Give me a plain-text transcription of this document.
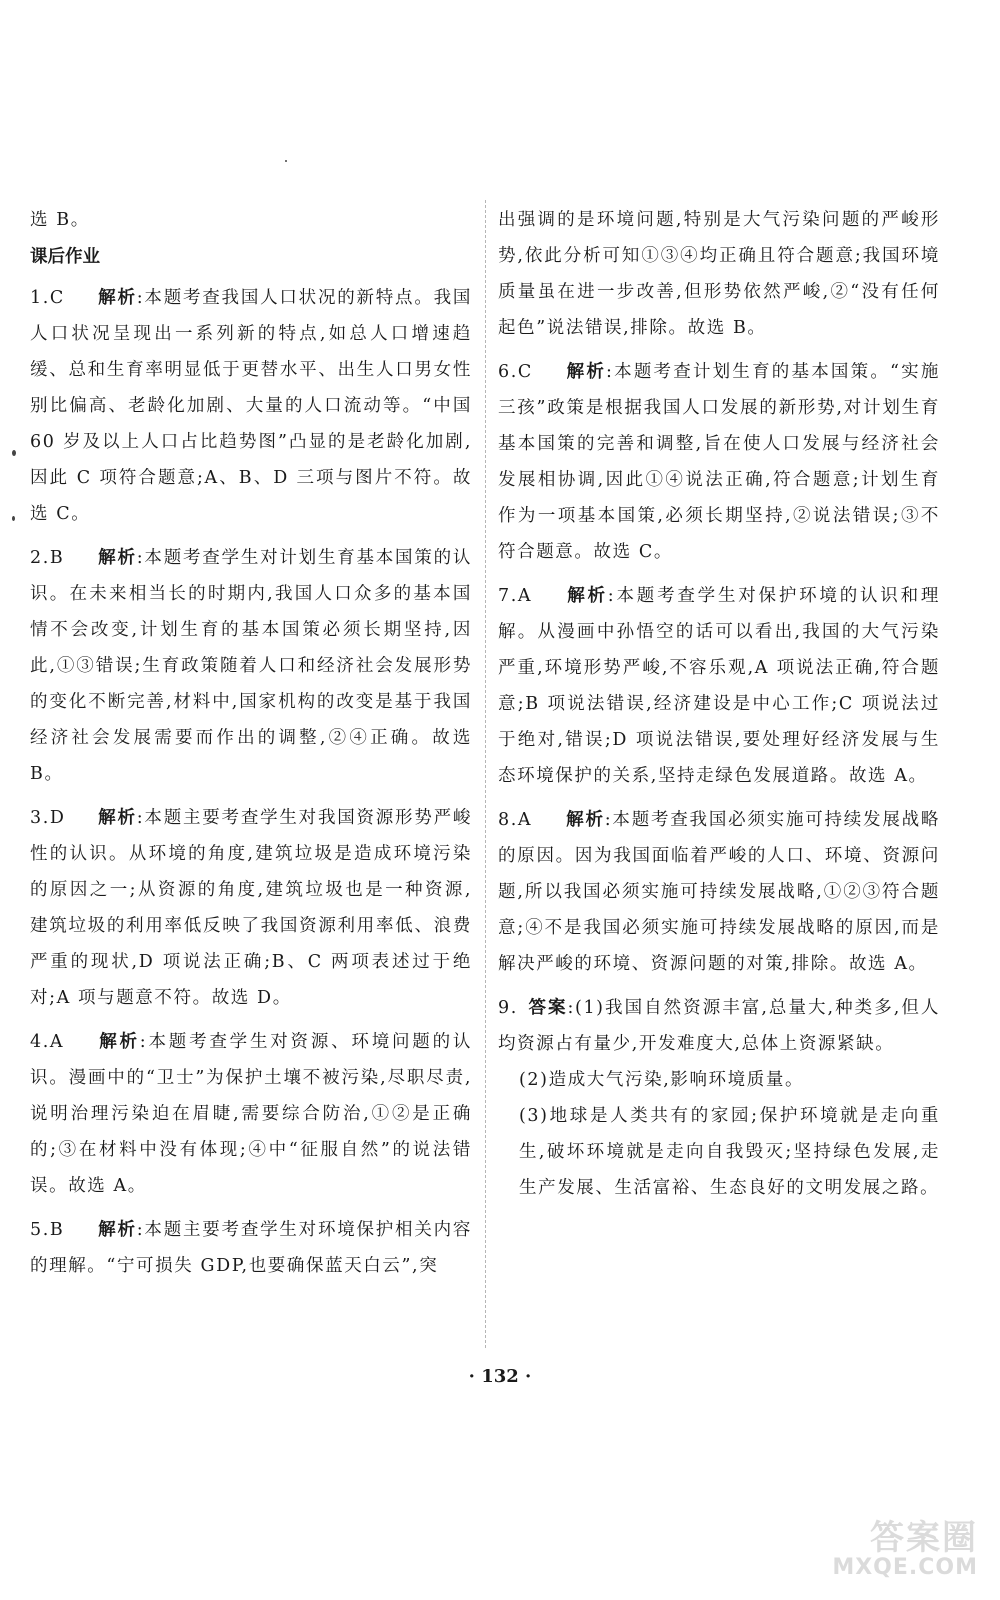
选 B。

课后作业

1.C 解析:本题考查我国人口状况的新特点。我国人口状况呈现出一系列新的特点,如总人口增速趋缓、总和生育率明显低于更替水平、出生人口男女性别比偏高、老龄化加剧、大量的人口流动等。“中国 60 岁及以上人口占比趋势图”凸显的是老龄化加剧,因此 C 项符合题意;A、B、D 三项与图片不符。故选 C。

2.B 解析:本题考查学生对计划生育基本国策的认识。在未来相当长的时期内,我国人口众多的基本国情不会改变,计划生育的基本国策必须长期坚持,因此,①③错误;生育政策随着人口和经济社会发展形势的变化不断完善,材料中,国家机构的改变是基于我国经济社会发展需要而作出的调整,②④正确。故选 B。

3.D 解析:本题主要考查学生对我国资源形势严峻性的认识。从环境的角度,建筑垃圾是造成环境污染的原因之一;从资源的角度,建筑垃圾也是一种资源,建筑垃圾的利用率低反映了我国资源利用率低、浪费严重的现状,D 项说法正确;B、C 两项表述过于绝对;A 项与题意不符。故选 D。

4.A 解析:本题考查学生对资源、环境问题的认识。漫画中的“卫士”为保护土壤不被污染,尽职尽责,说明治理污染迫在眉睫,需要综合防治,①②是正确的;③在材料中没有体现;④中“征服自然”的说法错误。故选 A。

5.B 解析:本题主要考查学生对环境保护相关内容的理解。“宁可损失 GDP,也要确保蓝天白云”,突

出强调的是环境问题,特别是大气污染问题的严峻形势,依此分析可知①③④均正确且符合题意;我国环境质量虽在进一步改善,但形势依然严峻,②“没有任何起色”说法错误,排除。故选 B。

6.C 解析:本题考查计划生育的基本国策。“实施三孩”政策是根据我国人口发展的新形势,对计划生育基本国策的完善和调整,旨在使人口发展与经济社会发展相协调,因此①④说法正确,符合题意;计划生育作为一项基本国策,必须长期坚持,②说法错误;③不符合题意。故选 C。

7.A 解析:本题考查学生对保护环境的认识和理解。从漫画中孙悟空的话可以看出,我国的大气污染严重,环境形势严峻,不容乐观,A 项说法正确,符合题意;B 项说法错误,经济建设是中心工作;C 项说法过于绝对,错误;D 项说法错误,要处理好经济发展与生态环境保护的关系,坚持走绿色发展道路。故选 A。

8.A 解析:本题考查我国必须实施可持续发展战略的原因。因为我国面临着严峻的人口、环境、资源问题,所以我国必须实施可持续发展战略,①②③符合题意;④不是我国必须实施可持续发展战略的原因,而是解决严峻的环境、资源问题的对策,排除。故选 A。

9. 答案:(1)我国自然资源丰富,总量大,种类多,但人均资源占有量少,开发难度大,总体上资源紧缺。

(2)造成大气污染,影响环境质量。

(3)地球是人类共有的家园;保护环境就是走向重生,破坏环境就是走向自我毁灭;坚持绿色发展,走生产发展、生活富裕、生态良好的文明发展之路。

· 132 ·
答案圈
MXQE.COM
